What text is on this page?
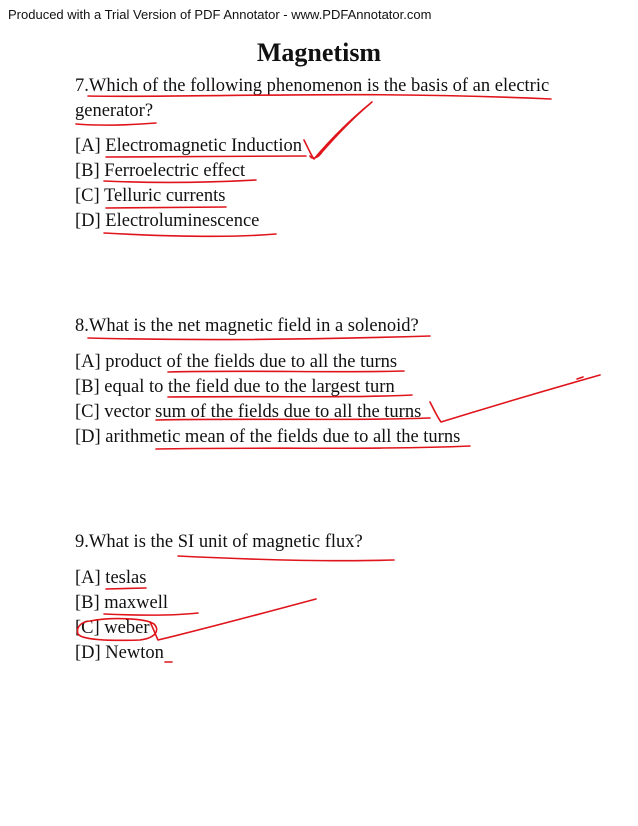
Produced with a Trial Version of PDF Annotator - www.PDFAnnotator.com
Magnetism
7.Which of the following phenomenon is the basis of an electric
generator?
[A] Electromagnetic Induction
[B] Ferroelectric effect
[C] Telluric currents
[D] Electroluminescence
8.What is the net magnetic field in a solenoid?
[A] product of the fields due to all the turns
[B] equal to the field due to the largest turn
[C] vector sum of the fields due to all the turns
[D] arithmetic mean of the fields due to all the turns
9.What is the SI unit of magnetic flux?
[A] teslas
[B] maxwell
[C] weber
[D] Newton
